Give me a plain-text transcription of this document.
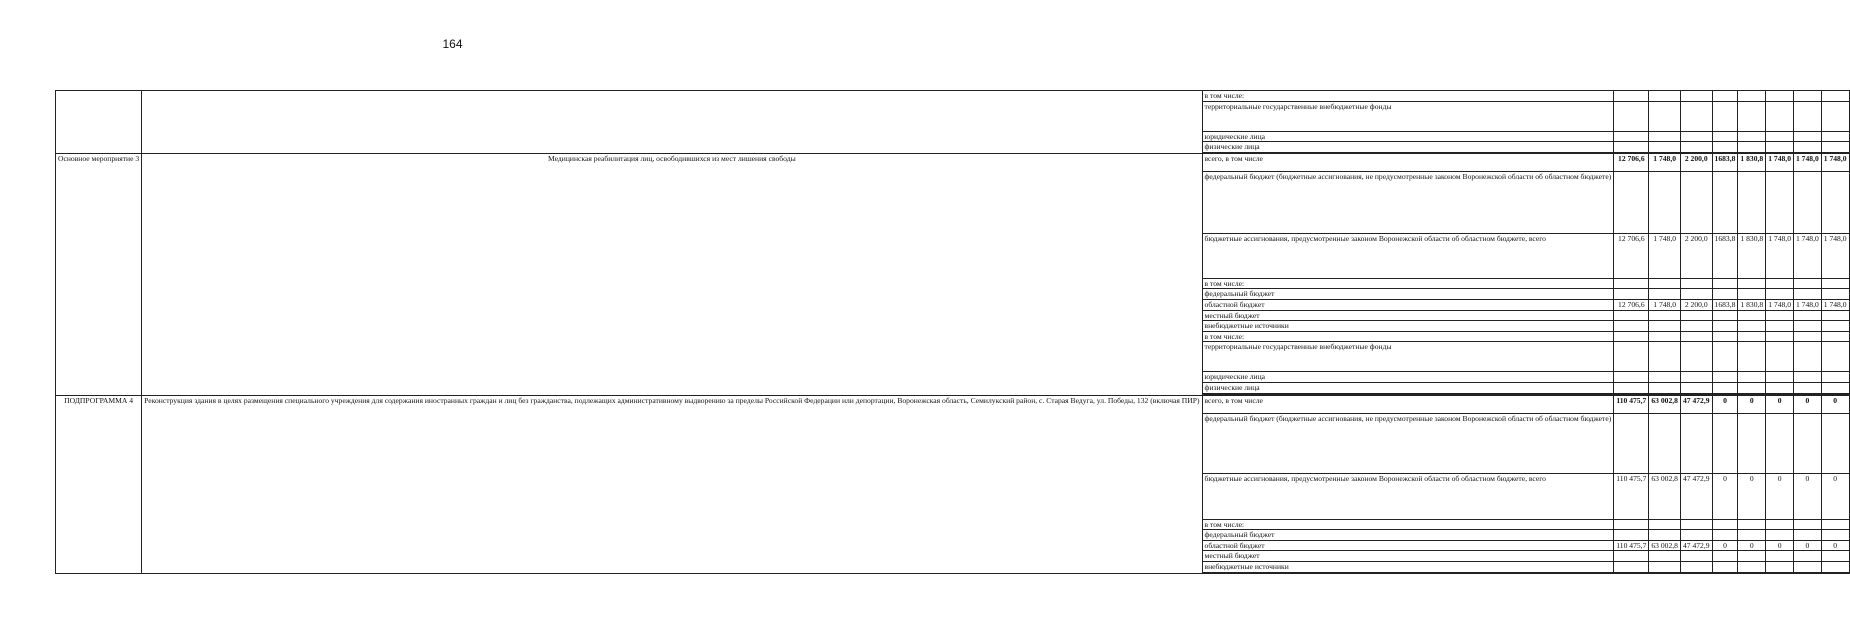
164
		в том числе:								
		территориальные государственные внебюджетные фонды								
		юридические лица								
		физические лица								

Основное мероприятие 3	Медицинская реабилитация лиц, освободившихся из мест лишения свободы	всего, в том числе	12 706,6	1 748,0	2 200,0	1683,8	1 830,8	1 748,0	1 748,0	1 748,0
		федеральный бюджет (бюджетные ассигнования, не предусмотренные законом Воронежской области об областном бюджете)								
		бюджетные ассигнования, предусмотренные законом Воронежской области об областном бюджете, всего	12 706,6	1 748,0	2 200,0	1683,8	1 830,8	1 748,0	1 748,0	1 748,0
		в том числе:								
		федеральный бюджет								
		областной бюджет	12 706,6	1 748,0	2 200,0	1683,8	1 830,8	1 748,0	1 748,0	1 748,0
		местный бюджет								
		внебюджетные источники								
		в том числе:								
		территориальные государственные внебюджетные фонды								
		юридические лица								
		физические лица								

ПОДПРОГРАММА 4	Реконструкция здания в целях размещения специального учреждения для содержания иностранных граждан и лиц без гражданства, подлежащих административному выдворению за пределы Российской Федерации или депортации, Воронежская область, Семилукский район, с. Старая Ведуга, ул. Победы, 132 (включая ПИР)	всего, в том числе	110 475,7	63 002,8	47 472,9	0	0	0	0	0
		федеральный бюджет (бюджетные ассигнования, не предусмотренные законом Воронежской области об областном бюджете)								
		бюджетные ассигнования, предусмотренные законом Воронежской области об областном бюджете, всего	110 475,7	63 002,8	47 472,9	0	0	0	0	0
		в том числе:								
		федеральный бюджет								
		областной бюджет	110 475,7	63 002,8	47 472,9	0	0	0	0	0
		местный бюджет								
		внебюджетные источники								
